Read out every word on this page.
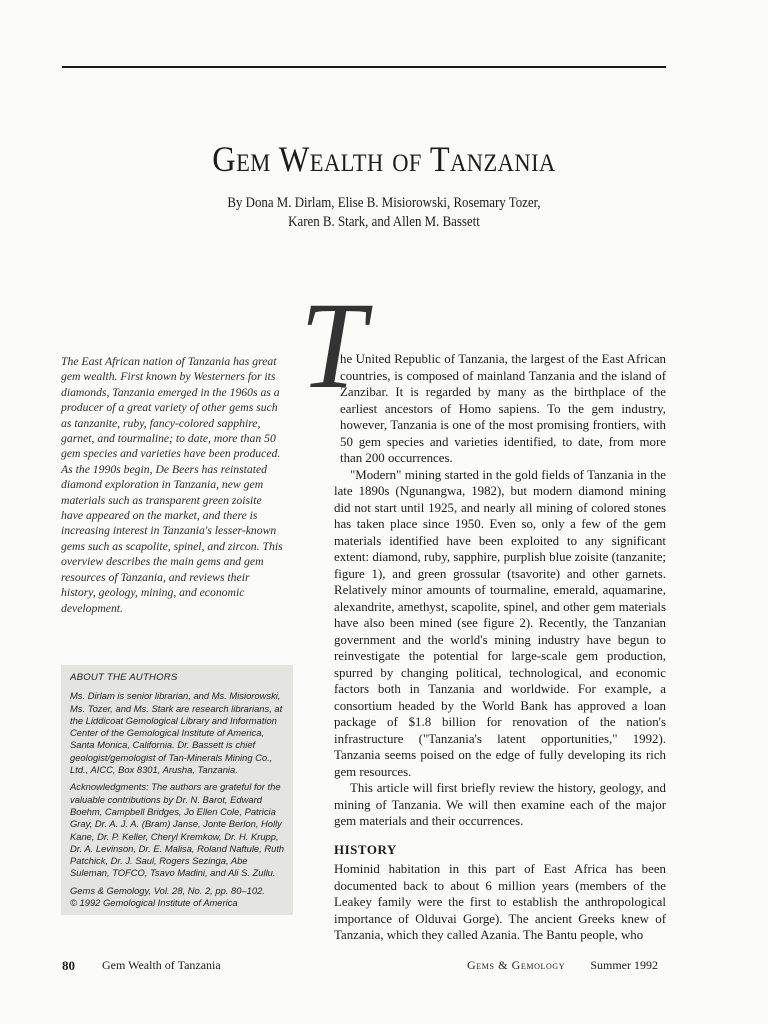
Gem Wealth of Tanzania
By Dona M. Dirlam, Elise B. Misiorowski, Rosemary Tozer,
Karen B. Stark, and Allen M. Bassett
The East African nation of Tanzania has great gem wealth. First known by Westerners for its diamonds, Tanzania emerged in the 1960s as a producer of a great variety of other gems such as tanzanite, ruby, fancy-colored sapphire, garnet, and tourmaline; to date, more than 50 gem species and varieties have been produced. As the 1990s begin, De Beers has reinstated diamond exploration in Tanzania, new gem materials such as transparent green zoisite have appeared on the market, and there is increasing interest in Tanzania's lesser-known gems such as scapolite, spinel, and zircon. This overview describes the main gems and gem resources of Tanzania, and reviews their history, geology, mining, and economic development.
ABOUT THE AUTHORS

Ms. Dirlam is senior librarian, and Ms. Misiorowski, Ms. Tozer, and Ms. Stark are research librarians, at the Liddicoat Gemological Library and Information Center of the Gemological Institute of America, Santa Monica, California. Dr. Bassett is chief geologist/gemologist of Tan-Minerals Mining Co., Ltd., AICC, Box 8301, Arusha, Tanzania.

Acknowledgments: The authors are grateful for the valuable contributions by Dr. N. Barot, Edward Boehm, Campbell Bridges, Jo Ellen Cole, Patricia Gray, Dr. A. J. A. (Bram) Janse, Jonte Berlon, Holly Kane, Dr. P. Keller, Cheryl Kremkow, Dr. H. Krupp, Dr. A. Levinson, Dr. E. Malisa, Roland Naftule, Ruth Patchick, Dr. J. Saul, Rogers Sezinga, Abe Suleman, TOFCO, Tsavo Madini, and Ali S. Zullu.

Gems & Gemology, Vol. 28, No. 2, pp. 80–102.
© 1992 Gemological Institute of America

T

he United Republic of Tanzania, the largest of the East African countries, is composed of mainland Tanzania and the island of Zanzibar. It is regarded by many as the birthplace of the earliest ancestors of Homo sapiens. To the gem industry, however, Tanzania is one of the most promising frontiers, with 50 gem species and varieties identified, to date, from more than 200 occurrences.

"Modern" mining started in the gold fields of Tanzania in the late 1890s (Ngunangwa, 1982), but modern diamond mining did not start until 1925, and nearly all mining of colored stones has taken place since 1950. Even so, only a few of the gem materials identified have been exploited to any significant extent: diamond, ruby, sapphire, purplish blue zoisite (tanzanite; figure 1), and green grossular (tsavorite) and other garnets. Relatively minor amounts of tourmaline, emerald, aquamarine, alexandrite, amethyst, scapolite, spinel, and other gem materials have also been mined (see figure 2). Recently, the Tanzanian government and the world's mining industry have begun to reinvestigate the potential for large-scale gem production, spurred by changing political, technological, and economic factors both in Tanzania and worldwide. For example, a consortium headed by the World Bank has approved a loan package of $1.8 billion for renovation of the nation's infrastructure ("Tanzania's latent opportunities," 1992). Tanzania seems poised on the edge of fully developing its rich gem resources.

This article will first briefly review the history, geology, and mining of Tanzania. We will then examine each of the major gem materials and their occurrences.

HISTORY

Hominid habitation in this part of East Africa has been documented back to about 6 million years (members of the Leakey family were the first to establish the anthropological importance of Olduvai Gorge). The ancient Greeks knew of Tanzania, which they called Azania. The Bantu people, who

80 Gem Wealth of Tanzania	Gems & Gemology Summer 1992
